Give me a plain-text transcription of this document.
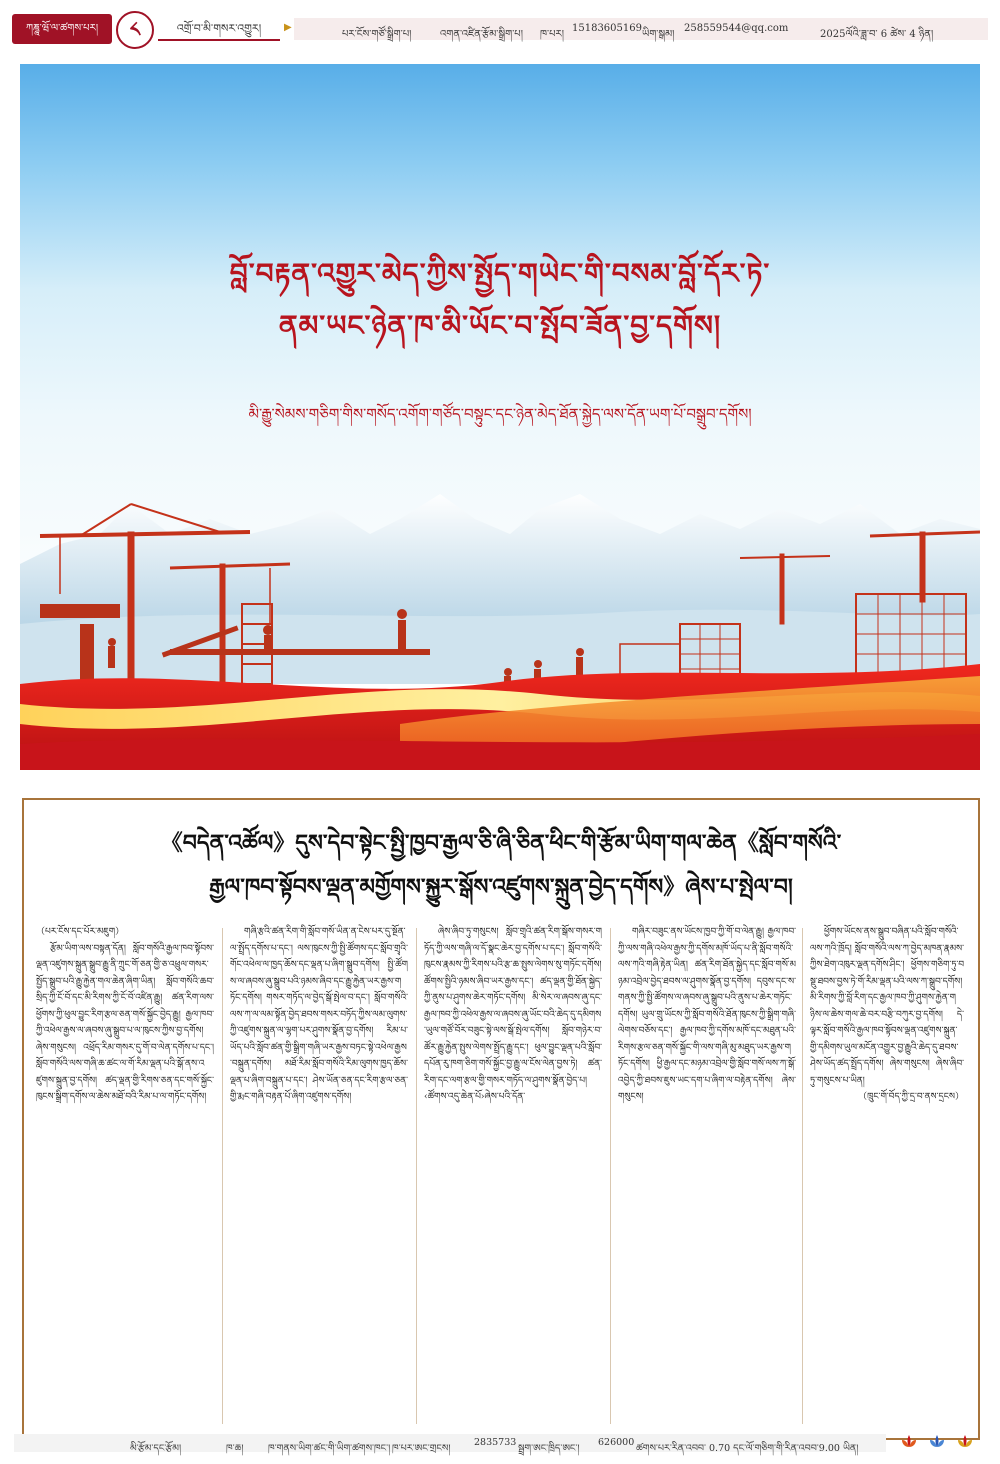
ཀཎྜཱ་ཝོ་ལ་ཚགས་པར།	༨	འགྲོ་བ་མི་གསར་འགྱུར།	▶
པར་ངོས་གཙོ་སྒྲིག་པ།	འགན་འཛིན་རྩོམ་སྒྲིག་པ། ཁ་པར།
15183605169
ཡིག་སྒམ།
258559544@qq.com
2025ལོའི་ཟླ་བ་ 6 ཚེས་ 4 ཉིན།
བློ་བརྟན་འགྱུར་མེད་ཀྱིས་སྤྱོད་གཡེང་གི་བསམ་བློ་དོར་ཏེ་
ནམ་ཡང་ཉེན་ཁ་མི་ཡོང་བ་སྤོབ་ཟོན་བྱ་དགོས།
མི་རྒྱུ་སེམས་གཅིག་གིས་གསོད་འགོག་གཙོད་བསྟུང་དང་ཉེན་མེད་ཐོན་སྐྱེད་ལས་དོན་ཡག་པོ་བསྒྲུབ་དགོས།
《བདེན་འཚོལ》དུས་དེབ་སྟེང་སྤྱི་ཁྱབ་རྒྱལ་ཅི་ཞི་ཅིན་ཕིང་གི་རྩོམ་ཡིག་གལ་ཆེན《སློབ་གསོའི་
རྒྱལ་ཁབ་སྟོབས་ལྡན་མགྱོགས་སྐྱུར་སྒོས་འཛུགས་སྐྲུན་བྱེད་དགོས》ཞེས་པ་སྤེལ་བ།

（པར་ངོས་དང་པོར་མཇུག）

རྩོམ་ཡིག་ལས་བསྟན་དོན། སློབ་གསོའི་རྒྱལ་ཁབ་སྟོབས་ལྡན་འཛུགས་སྐྲུན་སྒྲུབ་རྒྱུ་ནི་ཀྲུང་གོ་ཅན་གྱི་ཅ་འཕྲུལ་གསར་སྤྱོད་སྒྲུབ་པའི་རྒྱུ་རྐྱེན་གལ་ཆེན་ཞིག་ཡིན། སློབ་གསོའི་ཆབ་སྲིད་ཀྱི་ངོ་བོ་དང་མི་རིགས་ཀྱི་ངོ་བོ་འཛིན་རྒྱུ། ཚན་རིག་ལས་ཕྱོགས་ཀྱི་ཕུལ་བྱུང་རིག་རྩལ་ཅན་གསོ་སྐྱོང་བྱེད་རྒྱུ། རྒྱལ་ཁབ་ཀྱི་འཕེལ་རྒྱས་ལ་ཞབས་ཞུ་སྒྲུབ་པ་ལ་ཁུངས་ཀྱིས་བྱ་དགོས། ཞེས་གསུངས། འཕྲོད་རིམ་གསར་དུ་གོ་བ་ལེན་དགོས་པ་དང་། སློབ་གསོའི་ལས་གཞི་ཆ་ཚང་ལ་གོ་རིམ་ལྡན་པའི་སྒོ་ནས་འཛུགས་སྐྲུན་བྱ་དགོས། ཚད་ལྡན་གྱི་རིགས་ཅན་དང་གསོ་སྐྱོང་ཁུངས་སྒྲིག་དགོས་ལ་ཆེས་མཐོ་བའི་རིམ་པ་ལ་གཏོང་དགོས།

གཞི་རྩའི་ཚན་རིག་གི་སློབ་གསོ་ཡིན་ན་ངེས་པར་དུ་སྔོན་ལ་སྤྲོད་དགོས་པ་དང་། ལས་ཁུངས་ཀྱི་སྤྱི་ཚོགས་དང་སློབ་གྲྭའི་གོང་འཕེལ་ལ་ཁྱད་ཆོས་དང་ལྡན་པ་ཞིག་སྒྲུབ་དགོས། སྤྱི་ཚོགས་ལ་ཞབས་ཞུ་སྒྲུབ་པའི་ཉམས་ཞིབ་དང་རྒྱུ་རྐྱེན་ཡར་རྒྱས་གཏོང་དགོས། གསར་གཏོད་ལ་བྱེད་སྒོ་སྤེལ་བ་དང་། སློབ་གསོའི་ལས་ཀ་ལ་ལམ་སྟོན་བྱེད་ཐབས་གསར་བཏོད་ཀྱིས་ལམ་ལུགས་ཀྱི་འཛུགས་སྐྲུན་ལ་ལྷག་པར་ཤུགས་སྣོན་བྱ་དགོས། རིམ་པ་ཡོད་པའི་སློབ་ཚན་གྱི་སྒྲིག་གཞི་ཡར་རྒྱས་བཏང་སྟེ་འཕེལ་རྒྱས་བསྐྲུན་དགོས། མཐོ་རིམ་སློབ་གསོའི་རིམ་ལུགས་ཁྱད་ཆོས་ལྡན་པ་ཞིག་བསྐྲུན་པ་དང་། ཤེས་ཡོན་ཅན་དང་རིག་རྩལ་ཅན་གྱི་རྨང་གཞི་བརྟན་པོ་ཞིག་འཛུགས་དགོས།

ཞེས་ཞིབ་ཏུ་གསུངས། སློབ་གྲྭའི་ཚན་རིག་སྒོས་གསར་གཏོད་ཀྱི་ལས་གཞི་ལ་དོ་སྣང་ཆེར་བྱ་དགོས་པ་དང་། སློབ་གསོའི་ཁུངས་རྣམས་ཀྱི་རིགས་པའི་རྩ་ཆ་སྤུས་ལེགས་སུ་གཏོང་དགོས། ཚོགས་སྤྱིའི་ཉམས་ཞིབ་ཡར་རྒྱས་དང་། ཚད་ལྡན་གྱི་ཐོན་སྐྱེད་ཀྱི་ནུས་པ་ཤུགས་ཆེར་གཏོང་དགོས། མི་སེར་ལ་ཞབས་ཞུ་དང་རྒྱལ་ཁབ་ཀྱི་འཕེལ་རྒྱས་ལ་ཞབས་ཞུ་ཡོང་བའི་ཆེད་དུ་དམིགས་ཡུལ་གཙོ་བོར་བཟུང་སྟེ་ལས་སྒོ་སྤེལ་དགོས། སློབ་གཉེར་བ་ཚོར་རྒྱུ་རྐྱེན་སྤུས་ལེགས་སྤྲོད་རྒྱུ་དང་། ཕུལ་བྱུང་ལྡན་པའི་སློབ་དཔོན་རུ་ཁག་ཅིག་གསོ་སྐྱོང་བྱ་རྒྱུ་ལ་ངོས་ལེན་བྱས་ཏེ། ཚན་རིག་དང་ལག་རྩལ་གྱི་གསར་གཏོད་ལ་ཤུགས་སྣོན་བྱེད་པ། ‹ཚོགས་འདུ་ཆེན་པོ›ཞེས་པའི་དོན་

གཞིར་བཟུང་ནས་ཡོངས་ཁྱབ་ཀྱི་གོ་བ་ལེན་རྒྱུ། རྒྱལ་ཁབ་ཀྱི་ལས་གཞི་འཕེལ་རྒྱས་ཀྱི་དགོས་མཁོ་ཡོད་པ་ནི་སློབ་གསོའི་ལས་ཀའི་གཞི་རྟེན་ཡིན། ཚན་རིག་ཐོན་སྐྱེད་དང་སློབ་གསོ་མཉམ་འབྲེལ་བྱེད་ཐབས་ལ་ཤུགས་སྣོན་བྱ་དགོས། དབུས་དང་ས་གནས་ཀྱི་སྤྱི་ཚོགས་ལ་ཞབས་ཞུ་སྒྲུབ་པའི་ནུས་པ་ཆེར་གཏོང་དགོས། ཡུལ་གྲུ་ཡོངས་ཀྱི་སློབ་གསོའི་ཐོན་ཁུངས་ཀྱི་སྒྲིག་གཞི་ལེགས་བཅོས་དང་། རྒྱལ་ཁབ་ཀྱི་དགོས་མཁོ་དང་མཐུན་པའི་རིགས་རྩལ་ཅན་གསོ་སྐྱོང་གི་ལས་གཞི་མུ་མཐུད་ཡར་རྒྱས་གཏོང་དགོས། ཕྱི་རྒྱལ་དང་མཉམ་འབྲེལ་གྱི་སློབ་གསོ་ལས་ཀ་སྒོ་འབྱེད་ཀྱི་ཐབས་ཇུས་ཡང་དག་པ་ཞིག་ལ་བརྟེན་དགོས། ཞེས་གསུངས།

ཕྱོགས་ཡོངས་ནས་སྒྲུབ་བཞིན་པའི་སློབ་གསོའི་ལས་ཀའི་ཁྲོད། སློབ་གསོའི་ལས་ཀ་བྱེད་མཁན་རྣམས་ཀྱིས་ཐེག་འཁུར་ལྡན་དགོས་ཤིང་། ཕྱོགས་གཅིག་ཏུ་བསྡུ་ཐབས་བྱས་ཏེ་གོ་རིམ་ལྡན་པའི་ལས་ཀ་སྒྲུབ་དགོས། མི་རིགས་ཀྱི་བློ་རིག་དང་རྒྱལ་ཁབ་ཀྱི་ཤུགས་རྐྱེན་གཉིས་ལ་ཆེས་གལ་ཆེ་བར་བརྩི་བཀུར་བྱ་དགོས། དེ་ལྟར་སློབ་གསོའི་རྒྱལ་ཁབ་སྟོབས་ལྡན་འཛུགས་སྐྲུན་གྱི་དམིགས་ཡུལ་མངོན་འགྱུར་བྱ་རྒྱུའི་ཆེད་དུ་ཐབས་ཤེས་ཡོད་ཚད་སྤྲོད་དགོས། ཞེས་གསུངས། ཞེས་ཞིབ་ཏུ་གསུངས་པ་ཡིན།

（ཁྲུང་གོ་བོད་ཀྱི་དྲ་བ་ནས་དྲངས）

མི་རྩོམ་དང་རྩོམ།	ཁ་ཆ།	ཁ་གནས་ཡིག་ཚང་གི་ཡིག་ཚགས་ཁང་། ཁ་པར་ཨང་གྲངས།
2835733
སྦྲག་ཨང་ཁྲིད་ཨང་།
626000
ཚགས་པར་རིན་འབབ་ 0.70 དང་ལོ་གཅིག་གི་རིན་འབབ་9.00 ཡིན།
